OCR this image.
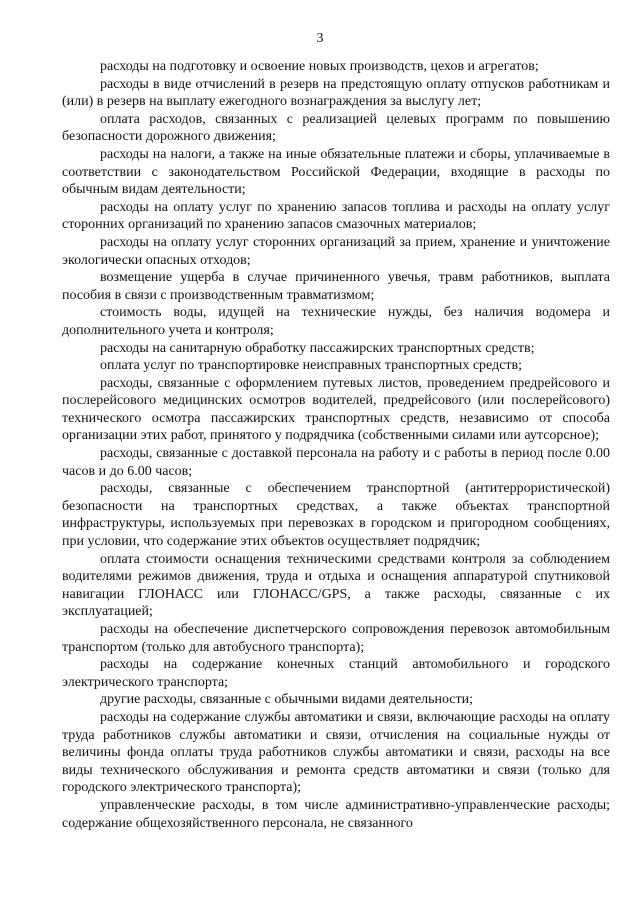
3

расходы на подготовку и освоение новых производств, цехов и агрегатов;

расходы в виде отчислений в резерв на предстоящую оплату отпусков работникам и (или) в резерв на выплату ежегодного вознаграждения за выслугу лет;

оплата расходов, связанных с реализацией целевых программ по повышению безопасности дорожного движения;

расходы на налоги, а также на иные обязательные платежи и сборы, уплачиваемые в соответствии с законодательством Российской Федерации, входящие в расходы по обычным видам деятельности;

расходы на оплату услуг по хранению запасов топлива и расходы на оплату услуг сторонних организаций по хранению запасов смазочных материалов;

расходы на оплату услуг сторонних организаций за прием, хранение и уничтожение экологически опасных отходов;

возмещение ущерба в случае причиненного увечья, травм работников, выплата пособия в связи с производственным травматизмом;

стоимость воды, идущей на технические нужды, без наличия водомера и дополнительного учета и контроля;

расходы на санитарную обработку пассажирских транспортных средств;

оплата услуг по транспортировке неисправных транспортных средств;

расходы, связанные с оформлением путевых листов, проведением предрейсового и послерейсового медицинских осмотров водителей, предрейсового (или послерейсового) технического осмотра пассажирских транспортных средств, независимо от способа организации этих работ, принятого у подрядчика (собственными силами или аутсорсное);

расходы, связанные с доставкой персонала на работу и с работы в период после 0.00 часов и до 6.00 часов;

расходы, связанные с обеспечением транспортной (антитеррористической) безопасности на транспортных средствах, а также объектах транспортной инфраструктуры, используемых при перевозках в городском и пригородном сообщениях, при условии, что содержание этих объектов осуществляет подрядчик;

оплата стоимости оснащения техническими средствами контроля за соблюдением водителями режимов движения, труда и отдыха и оснащения аппаратурой спутниковой навигации ГЛОНАСС или ГЛОНАСС/GPS, а также расходы, связанные с их эксплуатацией;

расходы на обеспечение диспетчерского сопровождения перевозок автомобильным транспортом (только для автобусного транспорта);

расходы на содержание конечных станций автомобильного и городского электрического транспорта;

другие расходы, связанные с обычными видами деятельности;

расходы на содержание службы автоматики и связи, включающие расходы на оплату труда работников службы автоматики и связи, отчисления на социальные нужды от величины фонда оплаты труда работников службы автоматики и связи, расходы на все виды технического обслуживания и ремонта средств автоматики и связи (только для городского электрического транспорта);

управленческие расходы, в том числе административно-управленческие расходы; содержание общехозяйственного персонала, не связанного
